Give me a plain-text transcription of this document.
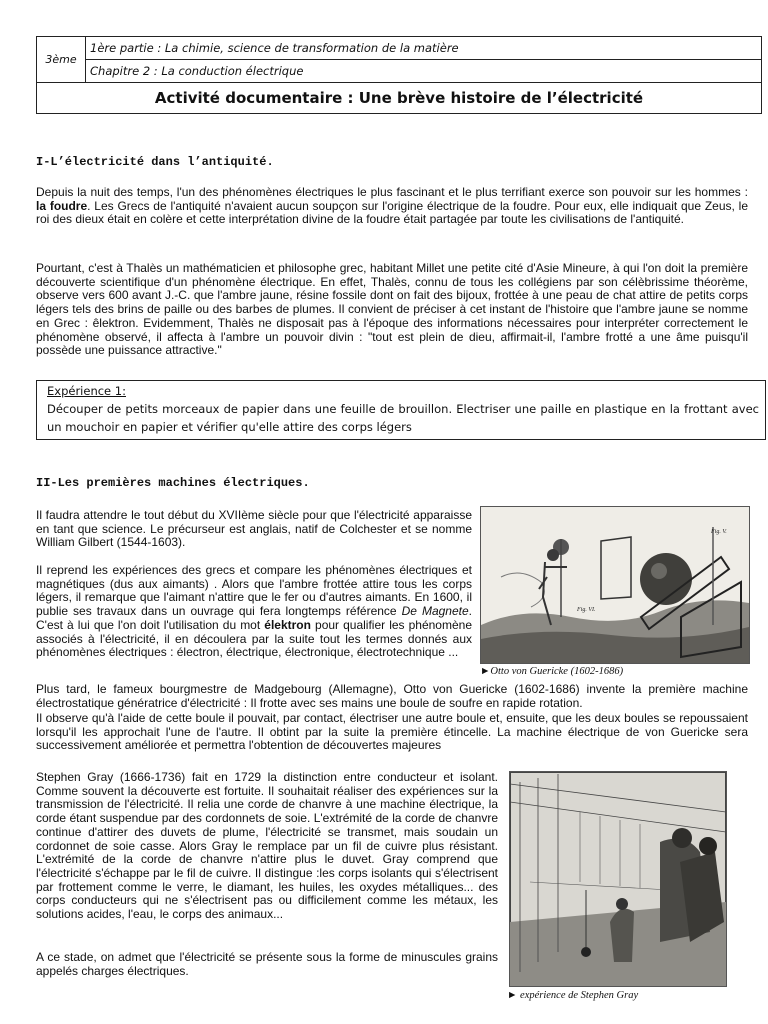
3ème	1ère partie : La chimie, science de transformation de la matière
Chapitre 2 : La conduction électrique
Activité documentaire : Une brève histoire de l’électricité
I-L’électricité dans l’antiquité.

Depuis la nuit des temps, l'un des phénomènes électriques le plus fascinant et le plus terrifiant exerce son pouvoir sur les hommes : la foudre. Les Grecs de l'antiquité n'avaient aucun soupçon sur l'origine électrique de la foudre. Pour eux, elle indiquait que Zeus, le roi des dieux était en colère et cette interprétation divine de la foudre était partagée par toute les civilisations de l'antiquité.

Pourtant, c'est à Thalès un mathématicien et philosophe grec, habitant Millet une petite cité d'Asie Mineure, à qui l'on doit la première découverte scientifique d'un phénomène électrique. En effet, Thalès, connu de tous les collégiens par son célèbrissime théorème, observe vers 600 avant J.-C. que l'ambre jaune, résine fossile dont on fait des bijoux, frottée à une peau de chat attire de petits corps légers tels des brins de paille ou des barbes de plumes. Il convient de préciser à cet instant de l'histoire que l'ambre jaune se nomme en Grec : êlektron. Evidemment, Thalès ne disposait pas à l'époque des informations nécessaires pour interpréter correctement le phénomène observé, il affecta à l'ambre un pouvoir divin : "tout est plein de dieu, affirmait-il, l'ambre frotté a une âme puisqu'il possède une puissance attractive."

Expérience 1:
Découper de petits morceaux de papier dans une feuille de brouillon. Electriser une paille en plastique en la frottant avec un mouchoir en papier et vérifier qu'elle attire des corps légers
II-Les premières machines électriques.

Il faudra attendre le tout début du XVIIème siècle pour que l'électricité apparaisse en tant que science. Le précurseur est anglais, natif de Colchester et se nomme William Gilbert (1544-1603).

Il reprend les expériences des grecs et compare les phénomènes électriques et magnétiques (dus aux aimants) . Alors que l'ambre frottée attire tous les corps légers, il remarque que l'aimant n'attire que le fer ou d'autres aimants. En 1600, il publie ses travaux dans un ouvrage qui fera longtemps référence De Magnete. C'est à lui que l'on doit l'utilisation du mot élektron pour qualifier les phénomène associés à l'électricité, il en découlera par la suite tout les termes donnés aux phénomènes électriques : électron, électrique, électronique, électrotechnique ...

Fig. VI.
Fig. V.
►Otto von Guericke (1602-1686)

Plus tard, le fameux bourgmestre de Madgebourg (Allemagne), Otto von Guericke (1602-1686) invente la première machine électrostatique génératrice d'électricité : Il frotte avec ses mains une boule de soufre en rapide rotation.

Il observe qu'à l'aide de cette boule il pouvait, par contact, électriser une autre boule et, ensuite, que les deux boules se repoussaient lorsqu'il les approchait l'une de l'autre. Il obtint par la suite la première étincelle. La machine électrique de von Guericke sera successivement améliorée et permettra l'obtention de découvertes majeures

Stephen Gray (1666-1736) fait en 1729 la distinction entre conducteur et isolant. Comme souvent la découverte est fortuite. Il souhaitait réaliser des expériences sur la transmission de l'électricité. Il relia une corde de chanvre à une machine électrique, la corde étant suspendue par des cordonnets de soie. L'extrémité de la corde de chanvre continue d'attirer des duvets de plume, l'électricité se transmet, mais soudain un cordonnet de soie casse. Alors Gray le remplace par un fil de cuivre plus résistant. L'extrémité de la corde de chanvre n'attire plus le duvet. Gray comprend que l'électricité s'échappe par le fil de cuivre. Il distingue :les corps isolants qui s'électrisent par frottement comme le verre, le diamant, les huiles, les oxydes métalliques... des corps conducteurs qui ne s'électrisent pas ou difficilement comme les métaux, les solutions acides, l'eau, le corps des animaux...

A ce stade, on admet que l'électricité se présente sous la forme de minuscules grains appelés charges électriques.

► expérience de Stephen Gray
